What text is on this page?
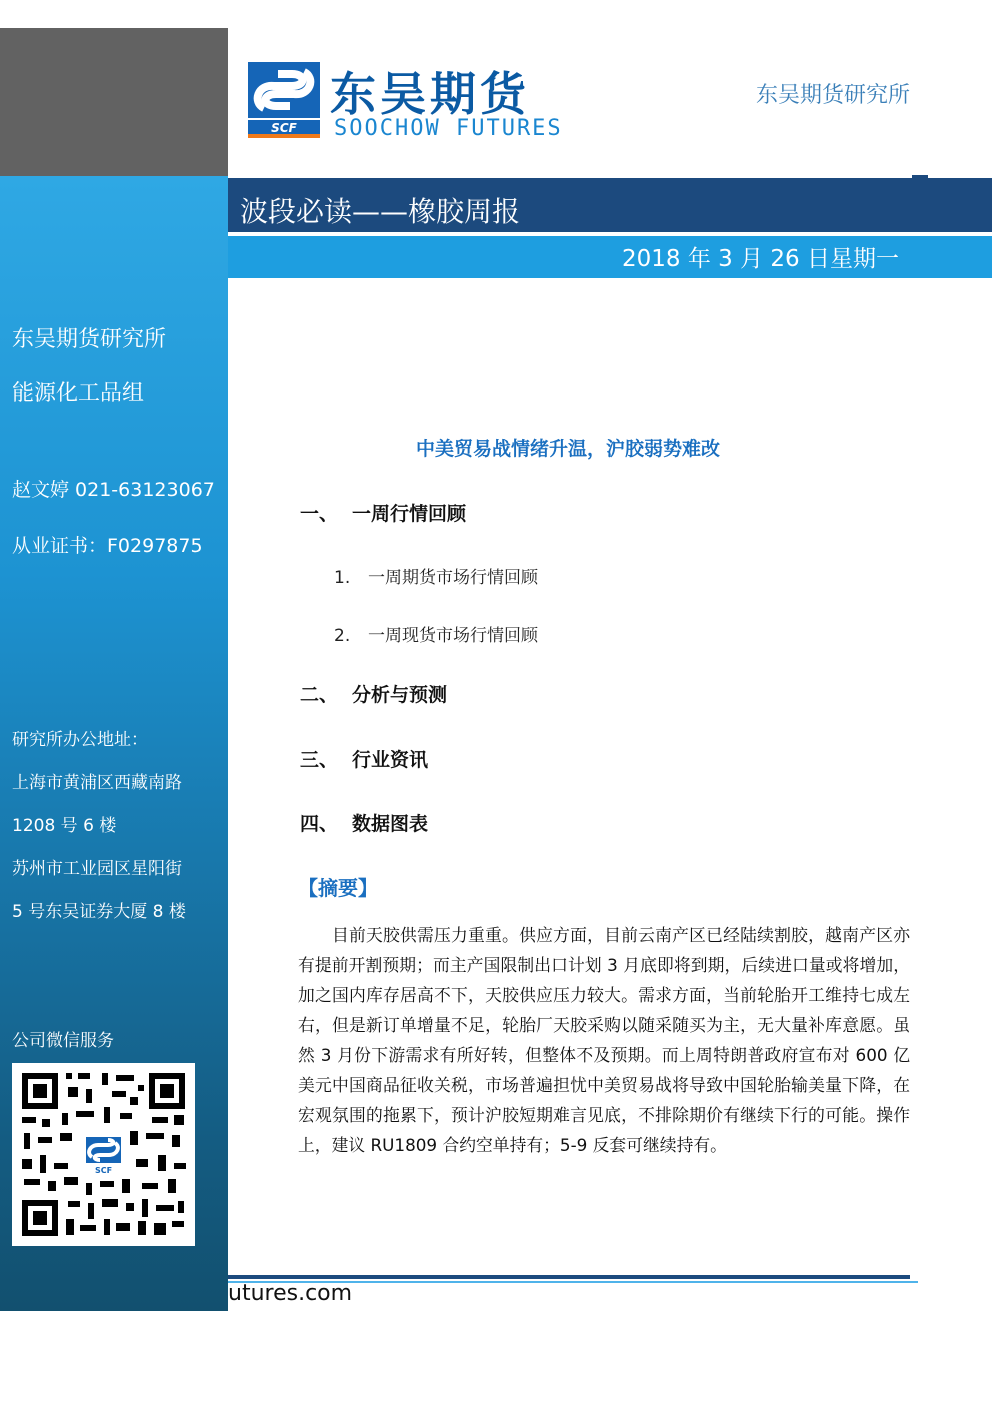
SCF
东吴期货
SOOCHOW FUTURES
东吴期货研究所
波段必读——橡胶周报
2018 年 3 月 26 日星期一
东吴期货研究所
能源化工品组
赵文婷 021-63123067
从业证书：F0297875
研究所办公地址：
上海市黄浦区西藏南路
1208 号 6 楼
苏州市工业园区星阳街
5 号东吴证券大厦 8 楼
公司微信服务
SCF
中美贸易战情绪升温，沪胶弱势难改
一、 一周行情回顾
1. 一周期货市场行情回顾
2. 一周现货市场行情回顾
二、 分析与预测
三、 行业资讯
四、 数据图表
【摘要】

目前天胶供需压力重重。供应方面，目前云南产区已经陆续割胶，越南产区亦有提前开割预期；而主产国限制出口计划 3 月底即将到期，后续进口量或将增加，加之国内库存居高不下，天胶供应压力较大。需求方面，当前轮胎开工维持七成左右，但是新订单增量不足，轮胎厂天胶采购以随采随买为主，无大量补库意愿。虽然 3 月份下游需求有所好转，但整体不及预期。而上周特朗普政府宣布对 600 亿美元中国商品征收关税，市场普遍担忧中美贸易战将导致中国轮胎输美量下降，在宏观氛围的拖累下，预计沪胶短期难言见底，不排除期价有继续下行的可能。操作上，建议 RU1809 合约空单持有；5-9 反套可继续持有。

utures.com
